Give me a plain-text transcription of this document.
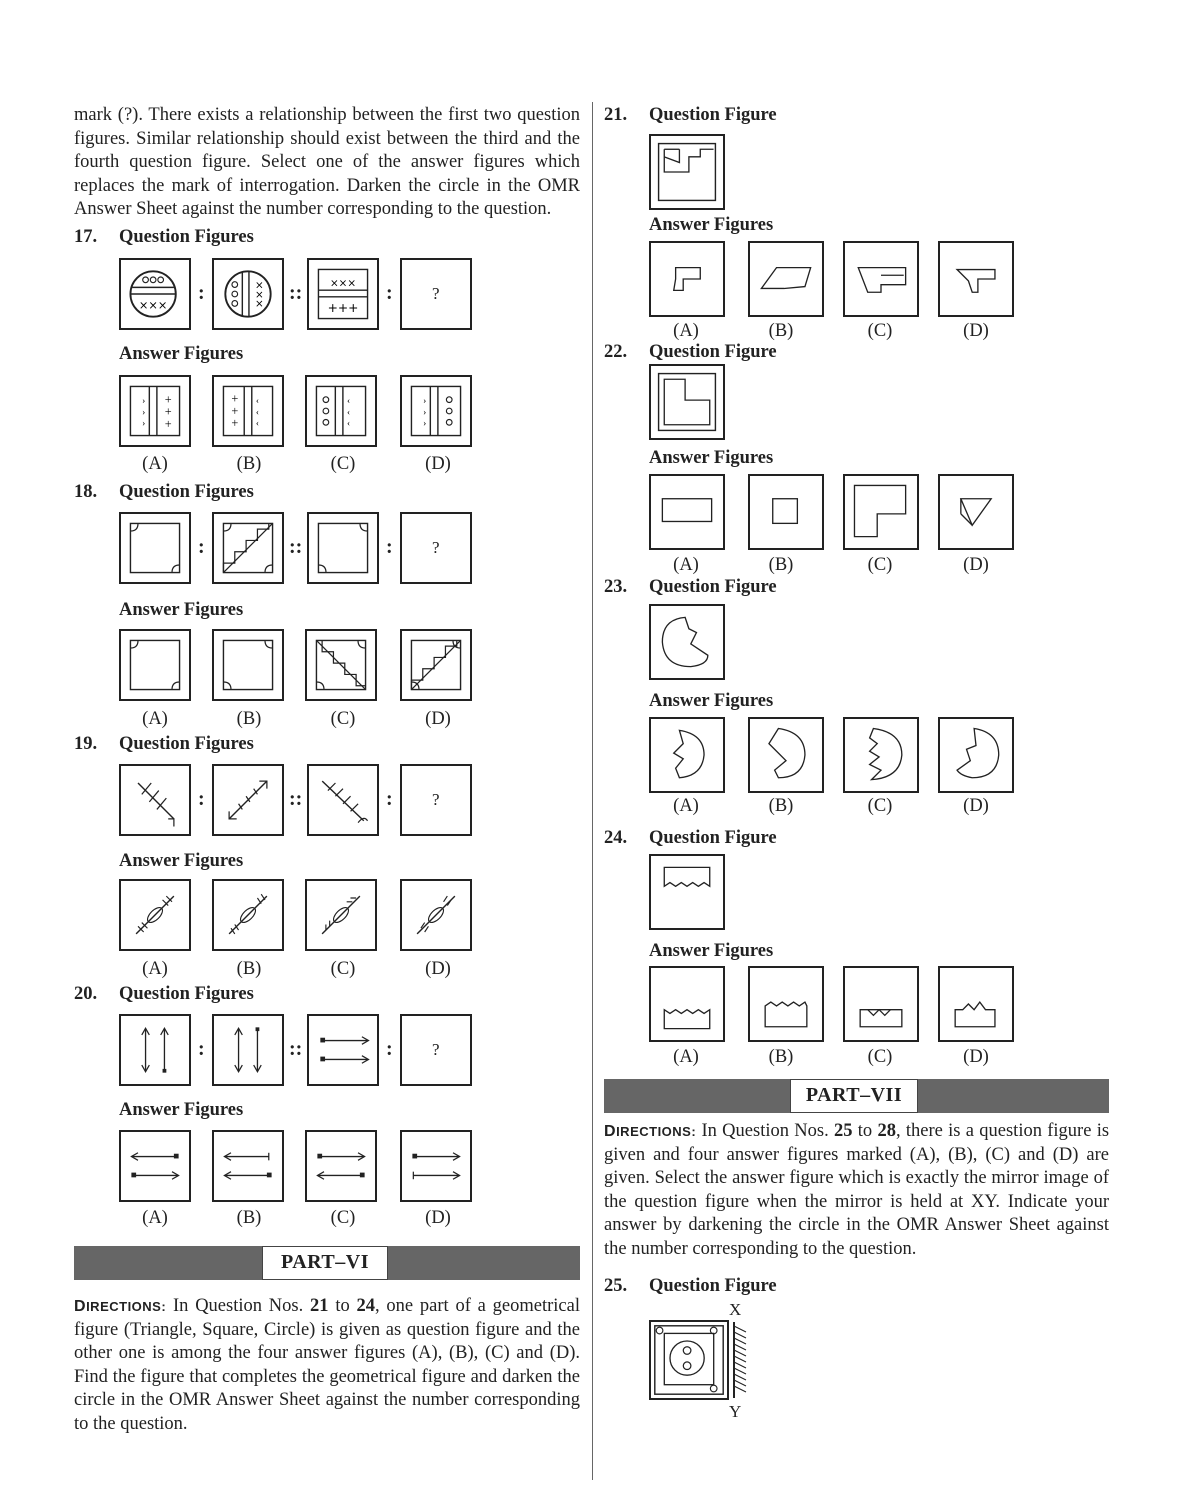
mark (?). There exists a relationship between the first two question figures. Similar relationship should exist between the third and the fourth question figure. Select one of the answer figures which replaces the mark of interrogation. Darken the circle in the OMR Answer Sheet against the number corresponding to the question.
17. Question Figures
×××
:	×
×
×
::	×××
+++
: ?
Answer Figures
›
›
›
+
+
+
+
+
+
‹
‹
‹
‹
‹
‹
›
›
›
(A)	(B)	(C)	(D)
18. Question Figures
:	::	: ?
Answer Figures
(A)	(B)	(C)	(D)
19. Question Figures
:	::	: ?
Answer Figures
(A)	(B)	(C)	(D)
20. Question Figures
:	::	: ?
Answer Figures
(A)	(B)	(C)	(D)
PART–VI
DIRECTIONS: In Question Nos. 21 to 24, one part of a geometrical figure (Triangle, Square, Circle) is given as question figure and the other one is among the four answer figures (A), (B), (C) and (D). Find the figure that completes the geometrical figure and darken the circle in the OMR Answer Sheet against the number corresponding to the question.
21. Question Figure
Answer Figures
(A)	(B)	(C)	(D)
22. Question Figure
Answer Figures
(A)	(B)	(C)	(D)
23. Question Figure
Answer Figures
(A)	(B)	(C)	(D)
24. Question Figure
Answer Figures
(A)	(B)	(C)	(D)
PART–VII
DIRECTIONS: In Question Nos. 25 to 28, there is a question figure is given and four answer figures marked (A), (B), (C) and (D) are given. Select the answer figure which is exactly the mirror image of the question figure when the mirror is held at XY. Indicate your answer by darkening the circle in the OMR Answer Sheet against the number corresponding to the question.
25. Question Figure
X
Y
